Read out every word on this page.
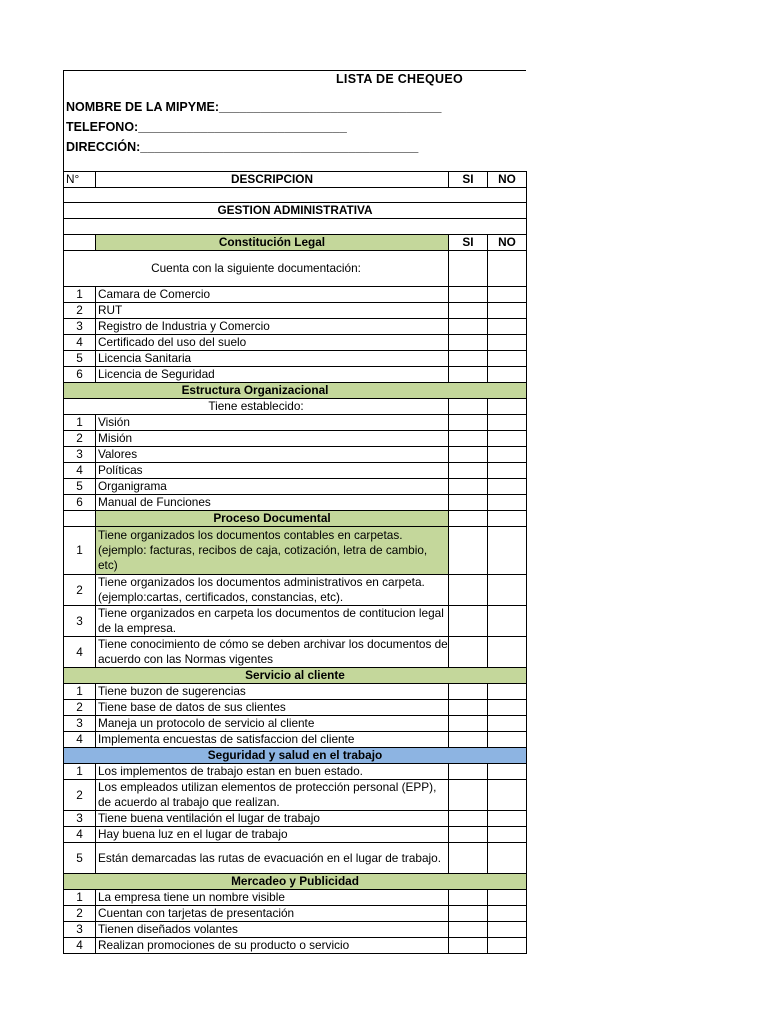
LISTA DE CHEQUEO
NOMBRE DE LA MIPYME:________________________________
TELEFONO:______________________________
DIRECCIÓN:________________________________________
N°	DESCRIPCION	SI	NO

GESTION ADMINISTRATIVA			

	Constitución Legal	SI	NO
Cuenta con la siguiente documentación:			
1	Camara de Comercio		
2	RUT		
3	Registro de Industria y Comercio		
4	Certificado del uso del suelo		
5	Licencia Sanitaria		
6	Licencia de Seguridad		
Estructura Organizacional			
Tiene establecido:			
1	Visión		
2	Misión		
3	Valores		
4	Políticas		
5	Organigrama		
6	Manual de Funciones		
	Proceso Documental		
1	Tiene organizados los documentos contables en carpetas. (ejemplo: facturas, recibos de caja, cotización, letra de cambio, etc)		
2	Tiene organizados los documentos administrativos en carpeta. (ejemplo:cartas, certificados, constancias, etc).		
3	Tiene organizados en carpeta los documentos de contitucion legal de la empresa.		
4	Tiene conocimiento de cómo se deben archivar los documentos de acuerdo con las Normas vigentes		
Servicio al cliente			
1	Tiene buzon de sugerencias		
2	Tiene base de datos de sus clientes		
3	Maneja un protocolo de servicio al cliente		
4	Implementa encuestas de satisfaccion del cliente		
Seguridad y salud en el trabajo			
1	Los implementos de trabajo estan en buen estado.		
2	Los empleados utilizan elementos de protección personal (EPP), de acuerdo al trabajo que realizan.		
3	Tiene buena ventilación el lugar de trabajo		
4	Hay buena luz en el lugar de trabajo		
5	Están demarcadas las rutas de evacuación en el lugar de trabajo.		
Mercadeo y Publicidad			
1	La empresa tiene un nombre visible		
2	Cuentan con tarjetas de presentación		
3	Tienen diseñados volantes		
4	Realizan promociones de su producto o servicio		
